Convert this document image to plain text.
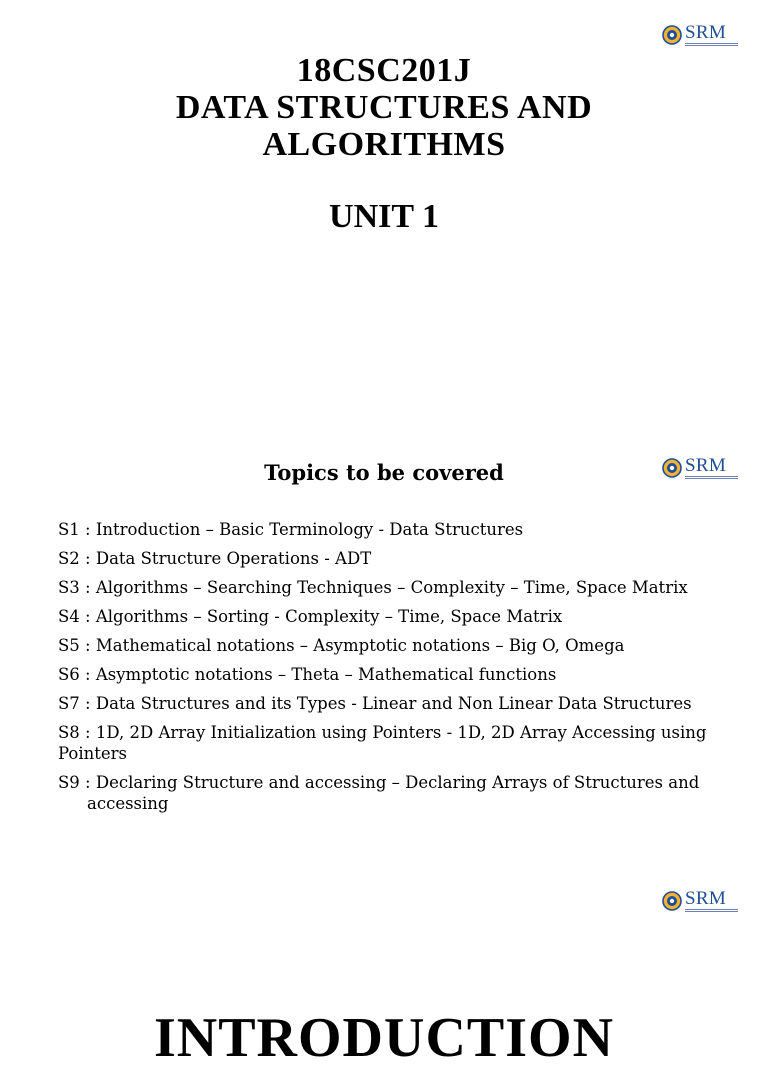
SRM
18CSC201J
DATA STRUCTURES AND
ALGORITHMS
UNIT 1
SRM
Topics to be covered
S1 : Introduction – Basic Terminology - Data Structures
S2 : Data Structure Operations - ADT
S3 : Algorithms – Searching Techniques – Complexity – Time, Space Matrix
S4 : Algorithms – Sorting - Complexity – Time, Space Matrix
S5 : Mathematical notations – Asymptotic notations – Big O, Omega
S6 : Asymptotic notations – Theta – Mathematical functions
S7 : Data Structures and its Types - Linear and Non Linear Data Structures
S8 : 1D, 2D Array Initialization using Pointers - 1D, 2D Array Accessing using Pointers
S9 : Declaring Structure and accessing – Declaring Arrays of Structures and accessing
SRM
INTRODUCTION
